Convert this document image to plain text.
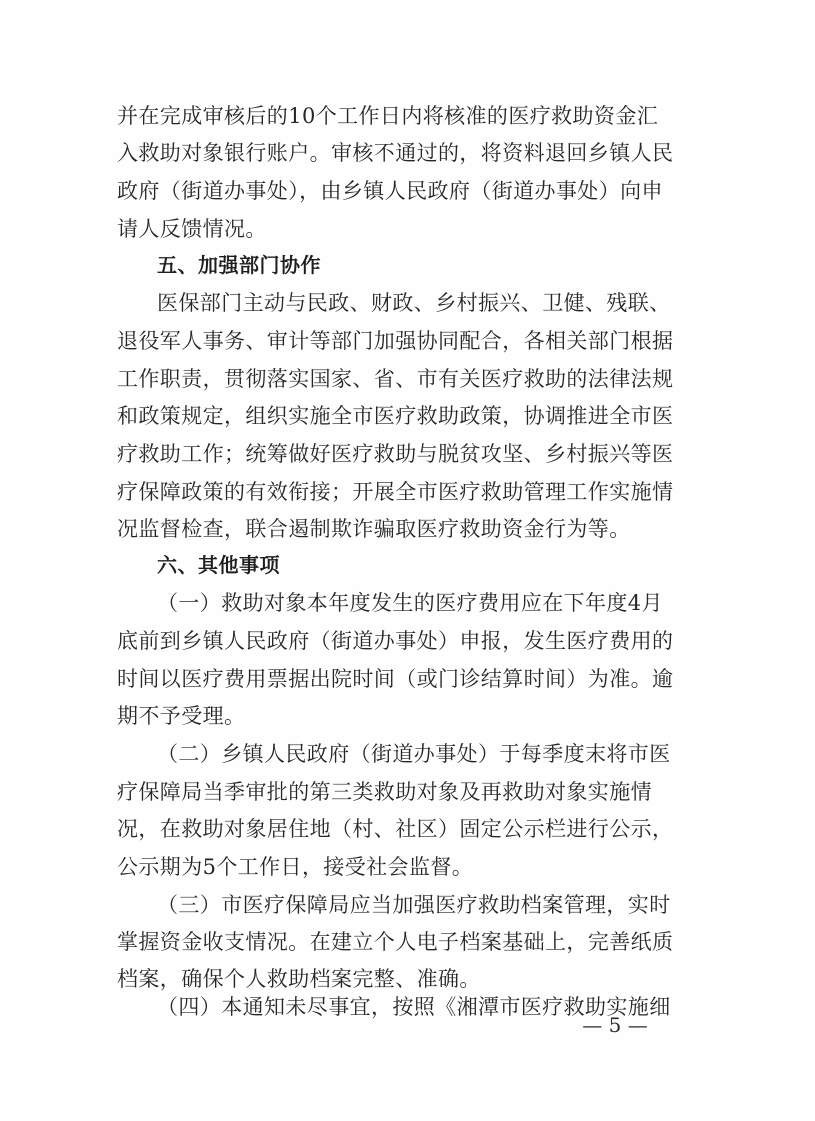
并在完成审核后的10个工作日内将核准的医疗救助资金汇
入救助对象银行账户。审核不通过的，将资料退回乡镇人民
政府（街道办事处），由乡镇人民政府（街道办事处）向申
请人反馈情况。
五、加强部门协作
医保部门主动与民政、财政、乡村振兴、卫健、残联、
退役军人事务、审计等部门加强协同配合，各相关部门根据
工作职责，贯彻落实国家、省、市有关医疗救助的法律法规
和政策规定，组织实施全市医疗救助政策，协调推进全市医
疗救助工作；统筹做好医疗救助与脱贫攻坚、乡村振兴等医
疗保障政策的有效衔接；开展全市医疗救助管理工作实施情
况监督检查，联合遏制欺诈骗取医疗救助资金行为等。
六、其他事项
（一）救助对象本年度发生的医疗费用应在下年度4月
底前到乡镇人民政府（街道办事处）申报，发生医疗费用的
时间以医疗费用票据出院时间（或门诊结算时间）为准。逾
期不予受理。
（二）乡镇人民政府（街道办事处）于每季度末将市医
疗保障局当季审批的第三类救助对象及再救助对象实施情
况，在救助对象居住地（村、社区）固定公示栏进行公示，
公示期为5个工作日，接受社会监督。
（三）市医疗保障局应当加强医疗救助档案管理，实时
掌握资金收支情况。在建立个人电子档案基础上，完善纸质
档案，确保个人救助档案完整、准确。
（四）本通知未尽事宜，按照《湘潭市医疗救助实施细
— 5 —
